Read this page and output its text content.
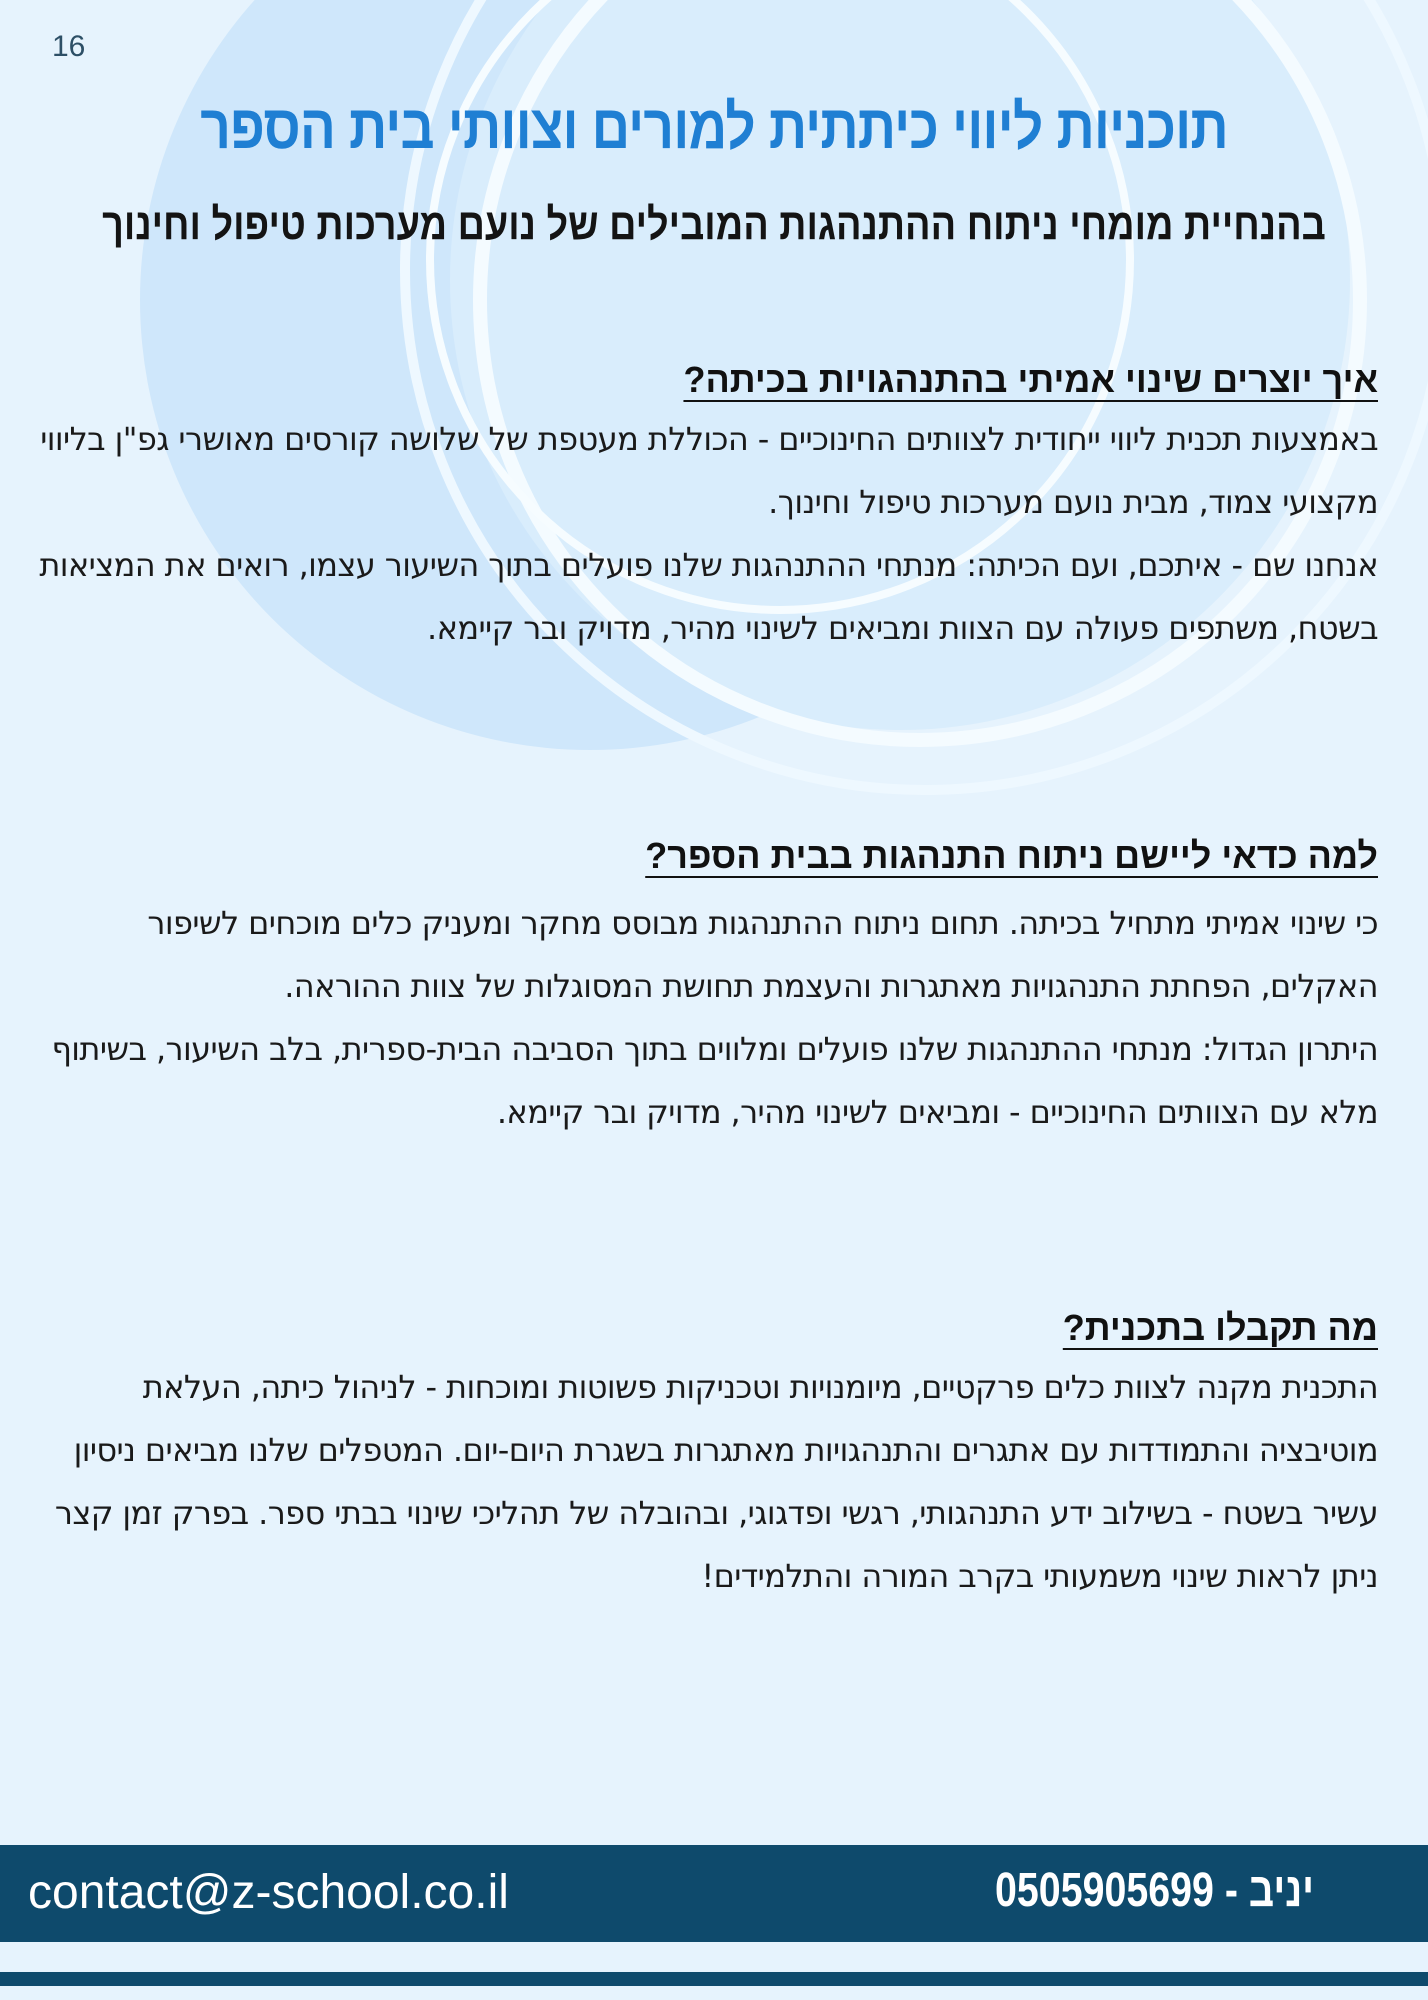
16
תוכניות ליווי כיתתית למורים וצוותי בית הספר
בהנחיית מומחי ניתוח ההתנהגות המובילים של נועם מערכות טיפול וחינוך
איך יוצרים שינוי אמיתי בהתנהגויות בכיתה?

באמצעות תכנית ליווי ייחודית לצוותים החינוכיים - הכוללת מעטפת של שלושה קורסים מאושרי גפ"ן בליווי מקצועי צמוד, מבית נועם מערכות טיפול וחינוך.

אנחנו שם - איתכם, ועם הכיתה: מנתחי ההתנהגות שלנו פועלים בתוך השיעור עצמו, רואים את המציאות בשטח, משתפים פעולה עם הצוות ומביאים לשינוי מהיר, מדויק ובר קיימא.

למה כדאי ליישם ניתוח התנהגות בבית הספר?

כי שינוי אמיתי מתחיל בכיתה. תחום ניתוח ההתנהגות מבוסס מחקר ומעניק כלים מוכחים לשיפור האקלים, הפחתת התנהגויות מאתגרות והעצמת תחושת המסוגלות של צוות ההוראה.

היתרון הגדול: מנתחי ההתנהגות שלנו פועלים ומלווים בתוך הסביבה הבית-ספרית, בלב השיעור, בשיתוף מלא עם הצוותים החינוכיים - ומביאים לשינוי מהיר, מדויק ובר קיימא.

מה תקבלו בתכנית?

התכנית מקנה לצוות כלים פרקטיים, מיומנויות וטכניקות פשוטות ומוכחות - לניהול כיתה, העלאת מוטיבציה והתמודדות עם אתגרים והתנהגויות מאתגרות בשגרת היום-יום. המטפלים שלנו מביאים ניסיון עשיר בשטח - בשילוב ידע התנהגותי, רגשי ופדגוגי, ובהובלה של תהליכי שינוי בבתי ספר. בפרק זמן קצר ניתן לראות שינוי משמעותי בקרב המורה והתלמידים!

contact@z-school.co.il	יניב - 0505905699
